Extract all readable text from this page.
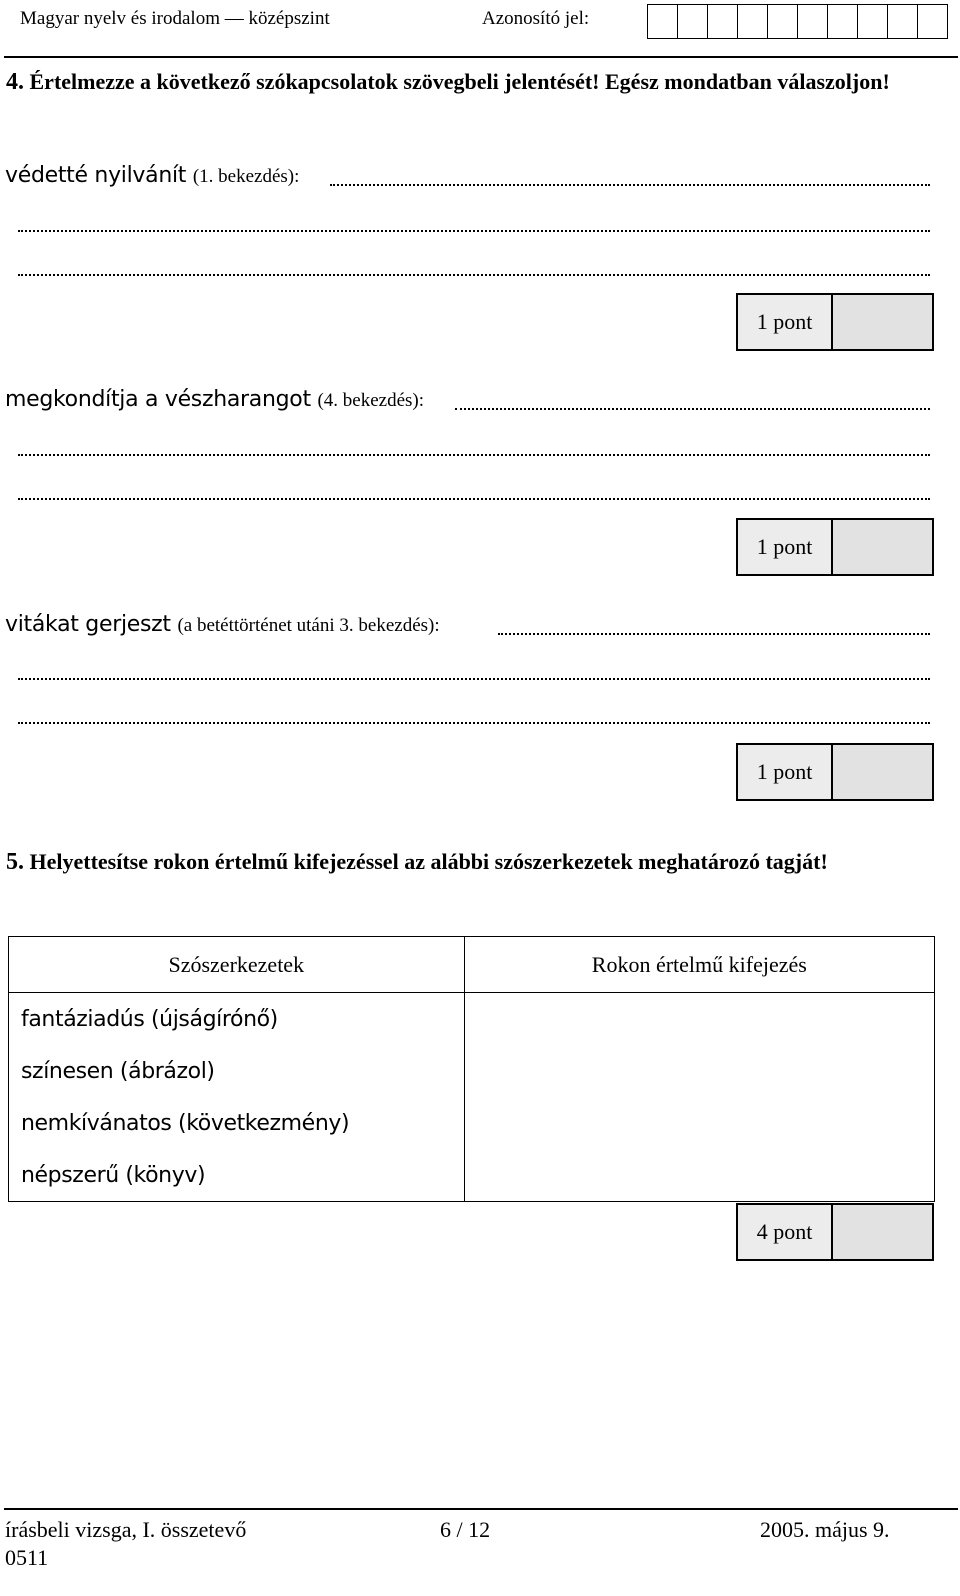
Magyar nyelv és irodalom — középszint	Azonosító jel:
4. Értelmezze a következő szókapcsolatok szövegbeli jelentését! Egész mondatban válaszoljon!
védetté nyilvánít (1. bekezdés):
1 pont
megkondítja a vészharangot (4. bekezdés):
1 pont
vitákat gerjeszt (a betéttörténet utáni 3. bekezdés):
1 pont
5. Helyettesítse rokon értelmű kifejezéssel az alábbi szószerkezetek meghatározó tagját!
Szószerkezetek	Rokon értelmű kifejezés
fantáziadús (újságírónő)	
színesen (ábrázol)	
nemkívánatos (következmény)	
népszerű (könyv)	
4 pont
írásbeli vizsga, I. összetevő
0511
6 / 12	2005. május 9.
